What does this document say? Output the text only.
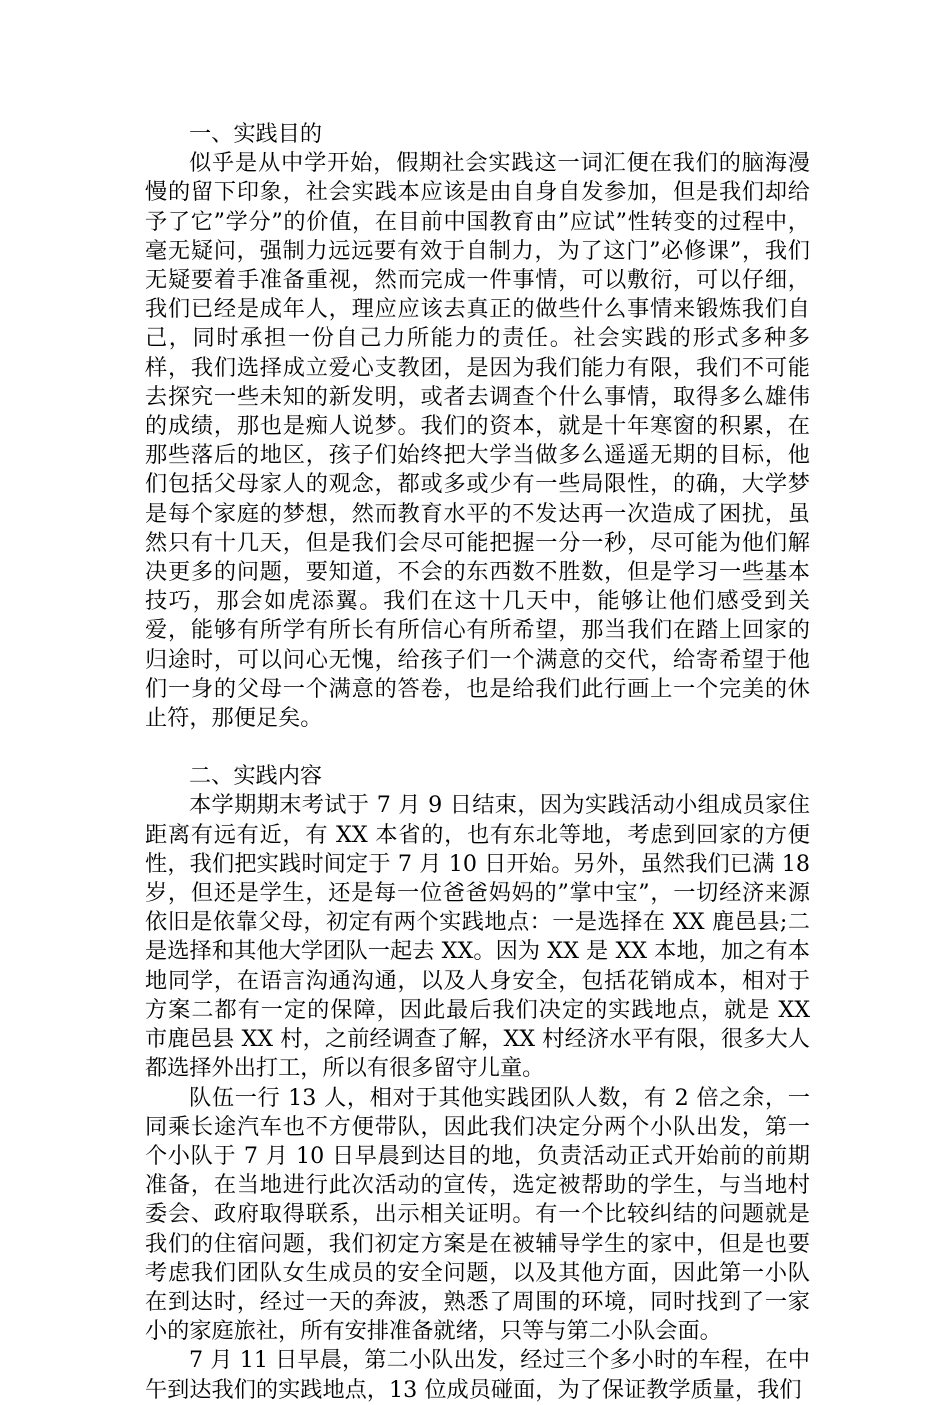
一、实践目的

似乎是从中学开始，假期社会实践这一词汇便在我们的脑海漫慢的留下印象，社会实践本应该是由自身自发参加，但是我们却给予了它”学分”的价值，在目前中国教育由”应试”性转变的过程中，毫无疑问，强制力远远要有效于自制力，为了这门”必修课”，我们无疑要着手准备重视，然而完成一件事情，可以敷衍，可以仔细，我们已经是成年人，理应应该去真正的做些什么事情来锻炼我们自己，同时承担一份自己力所能力的责任。社会实践的形式多种多样，我们选择成立爱心支教团，是因为我们能力有限，我们不可能去探究一些未知的新发明，或者去调查个什么事情，取得多么雄伟的成绩，那也是痴人说梦。我们的资本，就是十年寒窗的积累，在那些落后的地区，孩子们始终把大学当做多么遥遥无期的目标，他们包括父母家人的观念，都或多或少有一些局限性，的确，大学梦是每个家庭的梦想，然而教育水平的不发达再一次造成了困扰，虽然只有十几天，但是我们会尽可能把握一分一秒，尽可能为他们解决更多的问题，要知道，不会的东西数不胜数，但是学习一些基本技巧，那会如虎添翼。我们在这十几天中，能够让他们感受到关爱，能够有所学有所长有所信心有所希望，那当我们在踏上回家的归途时，可以问心无愧，给孩子们一个满意的交代，给寄希望于他们一身的父母一个满意的答卷，也是给我们此行画上一个完美的休止符，那便足矣。

二、实践内容

本学期期末考试于 7 月 9 日结束，因为实践活动小组成员家住距离有远有近，有 XX 本省的，也有东北等地，考虑到回家的方便性，我们把实践时间定于 7 月 10 日开始。另外，虽然我们已满 18 岁，但还是学生，还是每一位爸爸妈妈的”掌中宝”，一切经济来源依旧是依靠父母，初定有两个实践地点：一是选择在 XX 鹿邑县;二是选择和其他大学团队一起去 XX。因为 XX 是 XX 本地，加之有本地同学，在语言沟通沟通，以及人身安全，包括花销成本，相对于方案二都有一定的保障，因此最后我们决定的实践地点，就是 XX 市鹿邑县 XX 村，之前经调查了解，XX 村经济水平有限，很多大人都选择外出打工，所以有很多留守儿童。

队伍一行 13 人，相对于其他实践团队人数，有 2 倍之余，一同乘长途汽车也不方便带队，因此我们决定分两个小队出发，第一个小队于 7 月 10 日早晨到达目的地，负责活动正式开始前的前期准备，在当地进行此次活动的宣传，选定被帮助的学生，与当地村委会、政府取得联系，出示相关证明。有一个比较纠结的问题就是我们的住宿问题，我们初定方案是在被辅导学生的家中，但是也要考虑我们团队女生成员的安全问题，以及其他方面，因此第一小队在到达时，经过一天的奔波，熟悉了周围的环境，同时找到了一家小的家庭旅社，所有安排准备就绪，只等与第二小队会面。

7 月 11 日早晨，第二小队出发，经过三个多小时的车程，在中午到达我们的实践地点，13 位成员碰面，为了保证教学质量，我们
